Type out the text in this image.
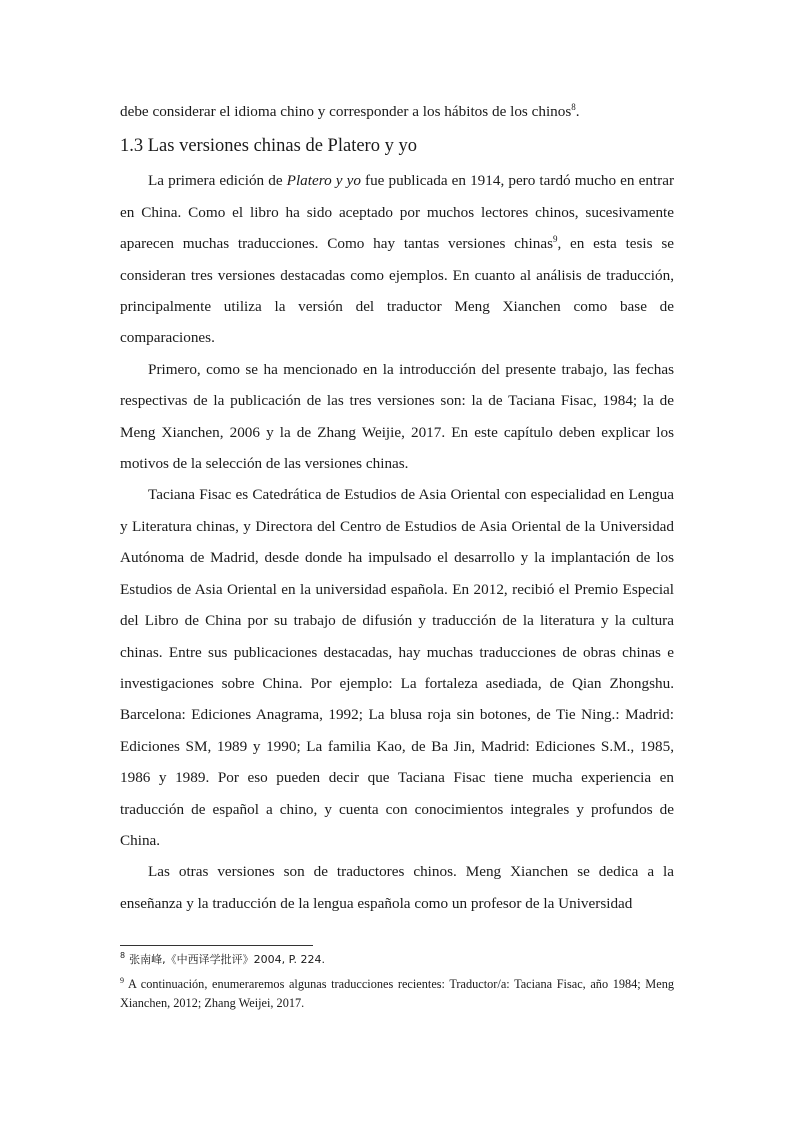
debe considerar el idioma chino y corresponder a los hábitos de los chinos$^8$.

1.3 Las versiones chinas de Platero y yo

La primera edición de Platero y yo fue publicada en 1914, pero tardó mucho en entrar en China. Como el libro ha sido aceptado por muchos lectores chinos, sucesivamente aparecen muchas traducciones. Como hay tantas versiones chinas$^9$, en esta tesis se consideran tres versiones destacadas como ejemplos. En cuanto al análisis de traducción, principalmente utiliza la versión del traductor Meng Xianchen como base de comparaciones.

Primero, como se ha mencionado en la introducción del presente trabajo, las fechas respectivas de la publicación de las tres versiones son: la de Taciana Fisac, 1984; la de Meng Xianchen, 2006 y la de Zhang Weijie, 2017. En este capítulo deben explicar los motivos de la selección de las versiones chinas.

Taciana Fisac es Catedrática de Estudios de Asia Oriental con especialidad en Lengua y Literatura chinas, y Directora del Centro de Estudios de Asia Oriental de la Universidad Autónoma de Madrid, desde donde ha impulsado el desarrollo y la implantación de los Estudios de Asia Oriental en la universidad española. En 2012, recibió el Premio Especial del Libro de China por su trabajo de difusión y traducción de la literatura y la cultura chinas. Entre sus publicaciones destacadas, hay muchas traducciones de obras chinas e investigaciones sobre China. Por ejemplo: La fortaleza asediada, de Qian Zhongshu. Barcelona: Ediciones Anagrama, 1992; La blusa roja sin botones, de Tie Ning.: Madrid: Ediciones SM, 1989 y 1990; La familia Kao, de Ba Jin, Madrid: Ediciones S.M., 1985, 1986 y 1989. Por eso pueden decir que Taciana Fisac tiene mucha experiencia en traducción de español a chino, y cuenta con conocimientos integrales y profundos de China.

Las otras versiones son de traductores chinos. Meng Xianchen se dedica a la enseñanza y la traducción de la lengua española como un profesor de la Universidad

$^8$ 张南峰,《中西译学批评》2004, P. 224.

$^9$ A continuación, enumeraremos algunas traducciones recientes: Traductor/a: Taciana Fisac, año 1984; Meng Xianchen, 2012; Zhang Weijei, 2017.
